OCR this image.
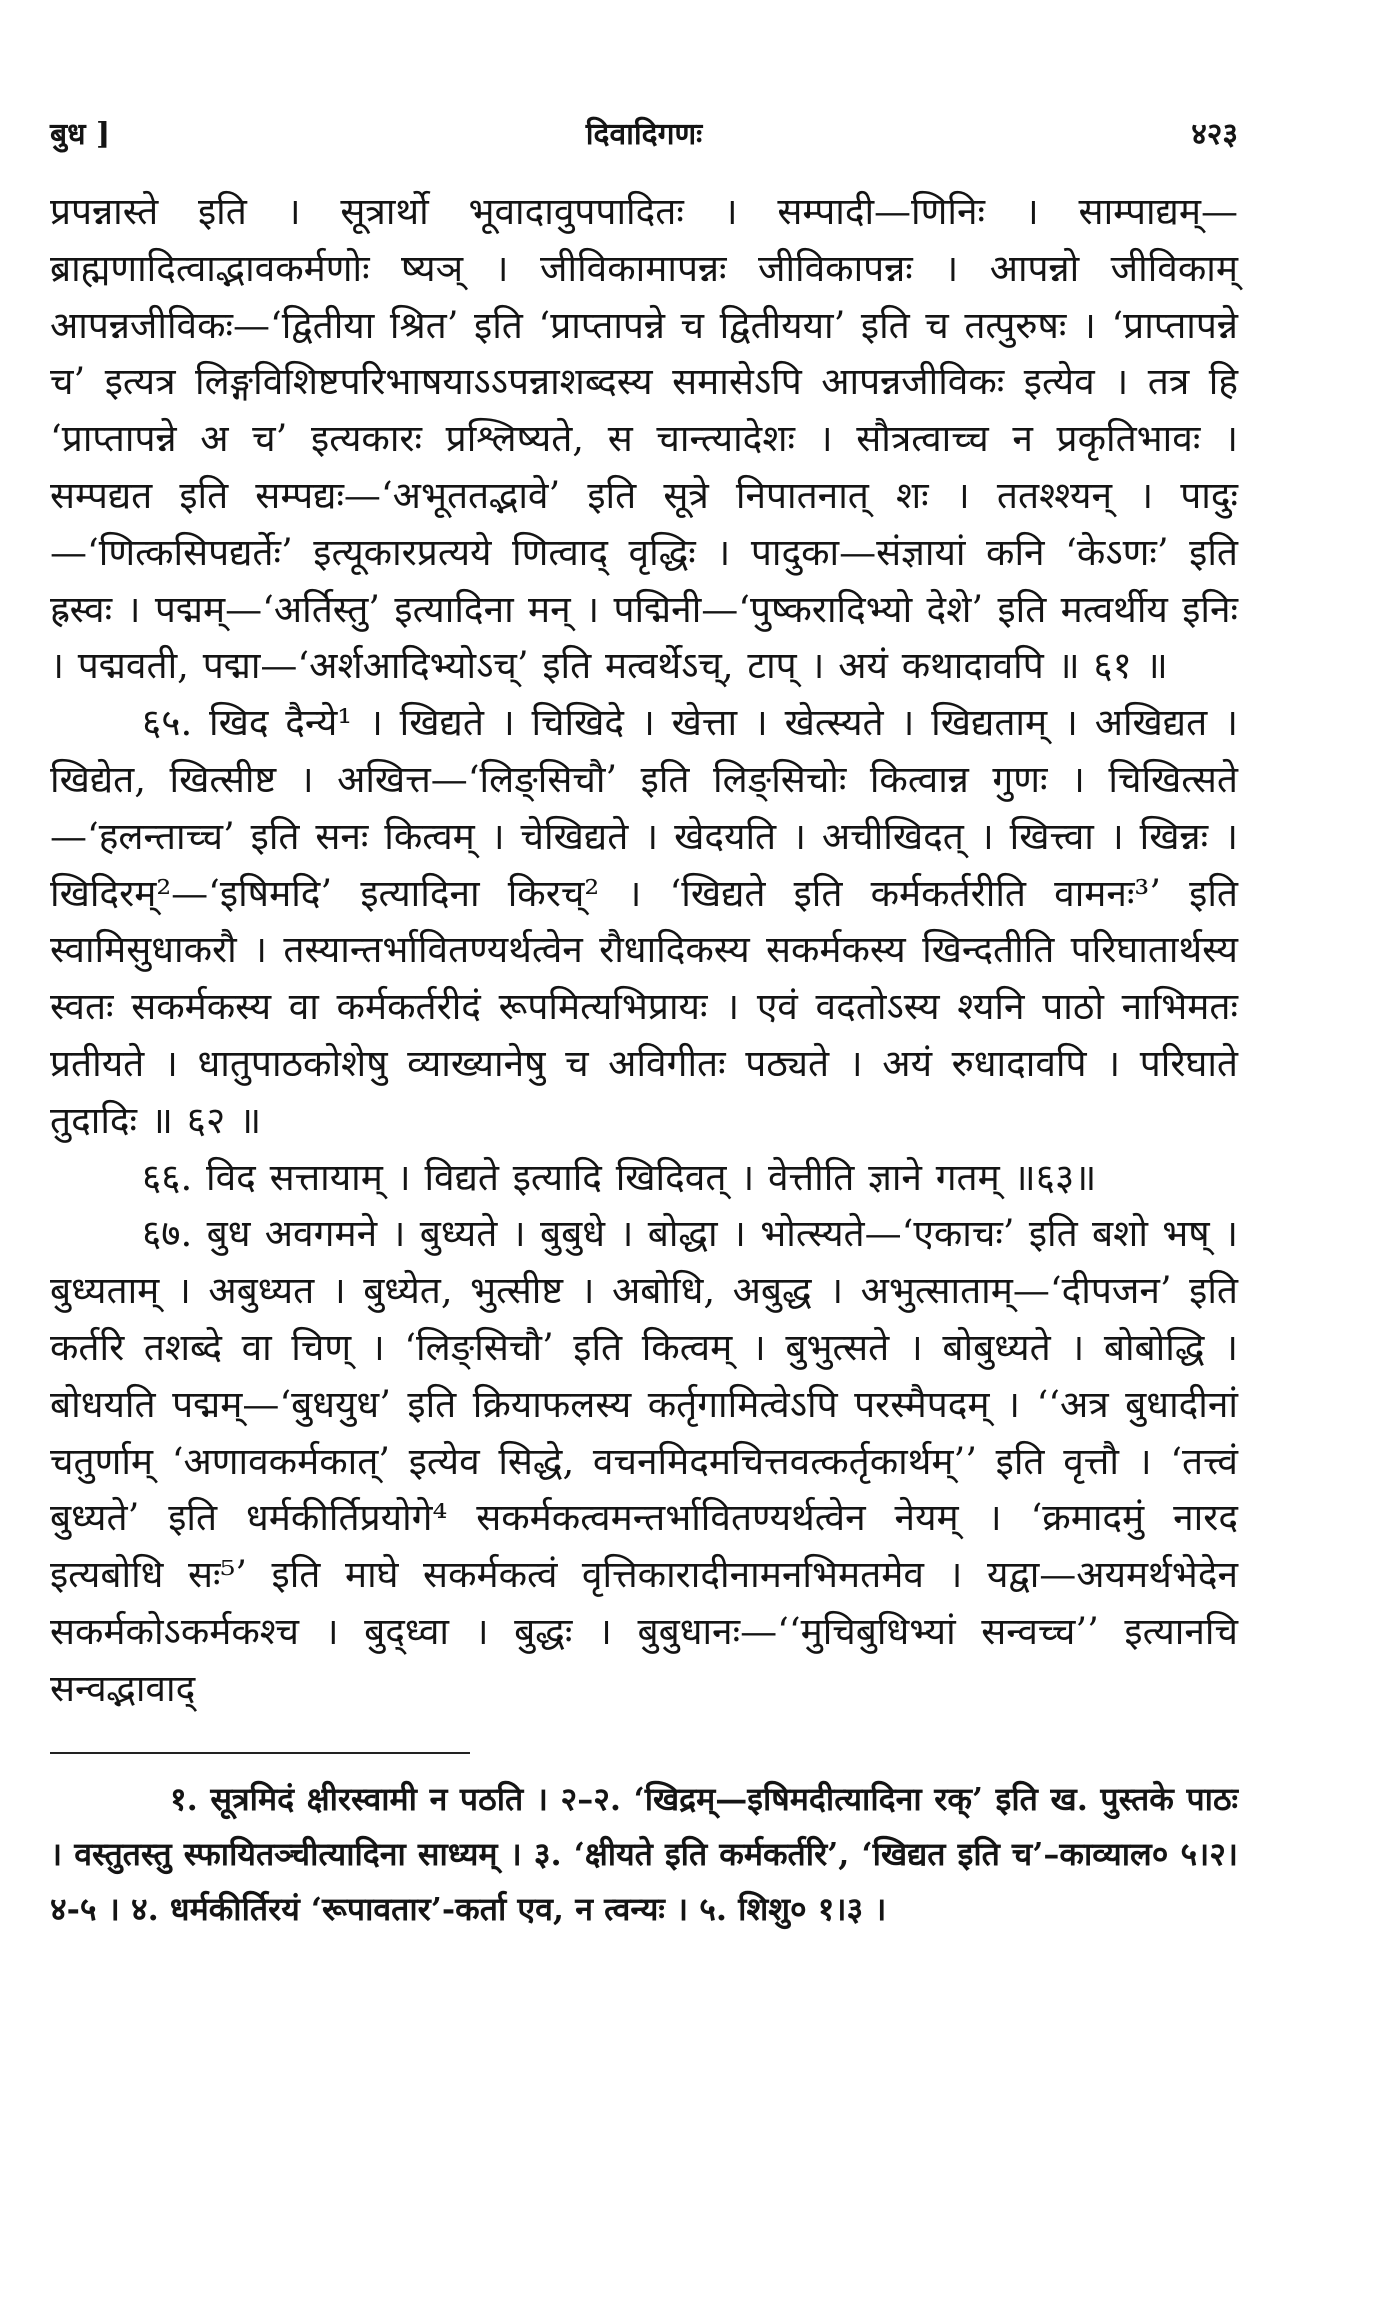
बुध ]	दिवादिगणः	४२३

प्रपन्नास्ते इति । सूत्रार्थो भूवादावुपपादितः । सम्पादी—णिनिः । साम्पाद्यम्—ब्राह्मणादित्वाद्भावकर्मणोः ष्यञ् । जीविकामापन्नः जीविकापन्नः । आपन्नो जीविकाम् आपन्नजीविकः—‘द्वितीया श्रित’ इति ‘प्राप्तापन्ने च द्वितीयया’ इति च तत्पुरुषः । ‘प्राप्तापन्ने च’ इत्यत्र लिङ्गविशिष्टपरिभाषयाऽऽपन्नाशब्दस्य समासेऽपि आपन्नजीविकः इत्येव । तत्र हि ‘प्राप्तापन्ने अ च’ इत्यकारः प्रश्लिष्यते, स चान्त्यादेशः । सौत्रत्वाच्च न प्रकृतिभावः । सम्पद्यत इति सम्पद्यः—‘अभूततद्भावे’ इति सूत्रे निपातनात् शः । ततश्श्यन् । पादुः—‘णित्कसिपद्यर्तेः’ इत्यूकारप्रत्यये णित्वाद् वृद्धिः । पादुका—संज्ञायां कनि ‘केऽणः’ इति ह्रस्वः । पद्मम्—‘अर्तिस्तु’ इत्यादिना मन् । पद्मिनी—‘पुष्करादिभ्यो देशे’ इति मत्वर्थीय इनिः । पद्मवती, पद्मा—‘अर्शआदिभ्योऽच्’ इति मत्वर्थेऽच्, टाप् । अयं कथादावपि ॥ ६१ ॥

६५. खिद दैन्ये¹ । खिद्यते । चिखिदे । खेत्ता । खेत्स्यते । खिद्यताम् । अखिद्यत । खिद्येत, खित्सीष्ट । अखित्त—‘लिङ्सिचौ’ इति लिङ्सिचोः कित्वान्न गुणः । चिखित्सते—‘हलन्ताच्च’ इति सनः कित्वम् । चेखिद्यते । खेदयति । अचीखिदत् । खित्त्वा । खिन्नः । खिदिरम्²—‘इषिमदि’ इत्यादिना किरच्² । ‘खिद्यते इति कर्मकर्तरीति वामनः³’ इति स्वामिसुधाकरौ । तस्यान्तर्भावितण्यर्थत्वेन रौधादिकस्य सकर्मकस्य खिन्दतीति परिघातार्थस्य स्वतः सकर्मकस्य वा कर्मकर्तरीदं रूपमित्यभिप्रायः । एवं वदतोऽस्य श्यनि पाठो नाभिमतः प्रतीयते । धातुपाठकोशेषु व्याख्यानेषु च अविगीतः पठ्यते । अयं रुधादावपि । परिघाते तुदादिः ॥ ६२ ॥

६६. विद सत्तायाम् । विद्यते इत्यादि खिदिवत् । वेत्तीति ज्ञाने गतम् ॥६३॥

६७. बुध अवगमने । बुध्यते । बुबुधे । बोद्धा । भोत्स्यते—‘एकाचः’ इति बशो भष् । बुध्यताम् । अबुध्यत । बुध्येत, भुत्सीष्ट । अबोधि, अबुद्ध । अभुत्साताम्—‘दीपजन’ इति कर्तरि तशब्दे वा चिण् । ‘लिङ्सिचौ’ इति कित्वम् । बुभुत्सते । बोबुध्यते । बोबोद्धि । बोधयति पद्मम्—‘बुधयुध’ इति क्रियाफलस्य कर्तृगामित्वेऽपि परस्मैपदम् । ‘‘अत्र बुधादीनां चतुर्णाम् ‘अणावकर्मकात्’ इत्येव सिद्धे, वचनमिदमचित्तवत्कर्तृकार्थम्’’ इति वृत्तौ । ‘तत्त्वं बुध्यते’ इति धर्मकीर्तिप्रयोगे⁴ सकर्मकत्वमन्तर्भावितण्यर्थत्वेन नेयम् । ‘क्रमादमुं नारद इत्यबोधि सः⁵’ इति माघे सकर्मकत्वं वृत्तिकारादीनामनभिमतमेव । यद्वा—अयमर्थभेदेन सकर्मकोऽकर्मकश्च । बुद्ध्वा । बुद्धः । बुबुधानः—‘‘मुचिबुधिभ्यां सन्वच्च’’ इत्यानचि सन्वद्भावाद्

१. सूत्रमिदं क्षीरस्वामी न पठति । २–२. ‘खिद्रम्—इषिमदीत्यादिना रक्’ इति ख. पुस्तके पाठः । वस्तुतस्तु स्फायितञ्चीत्यादिना साध्यम् । ३. ‘क्षीयते इति कर्मकर्तरि’, ‘खिद्यत इति च’–काव्याल० ५।२।४-५ । ४. धर्मकीर्तिरयं ‘रूपावतार’-कर्ता एव, न त्वन्यः । ५. शिशु० १।३ ।
